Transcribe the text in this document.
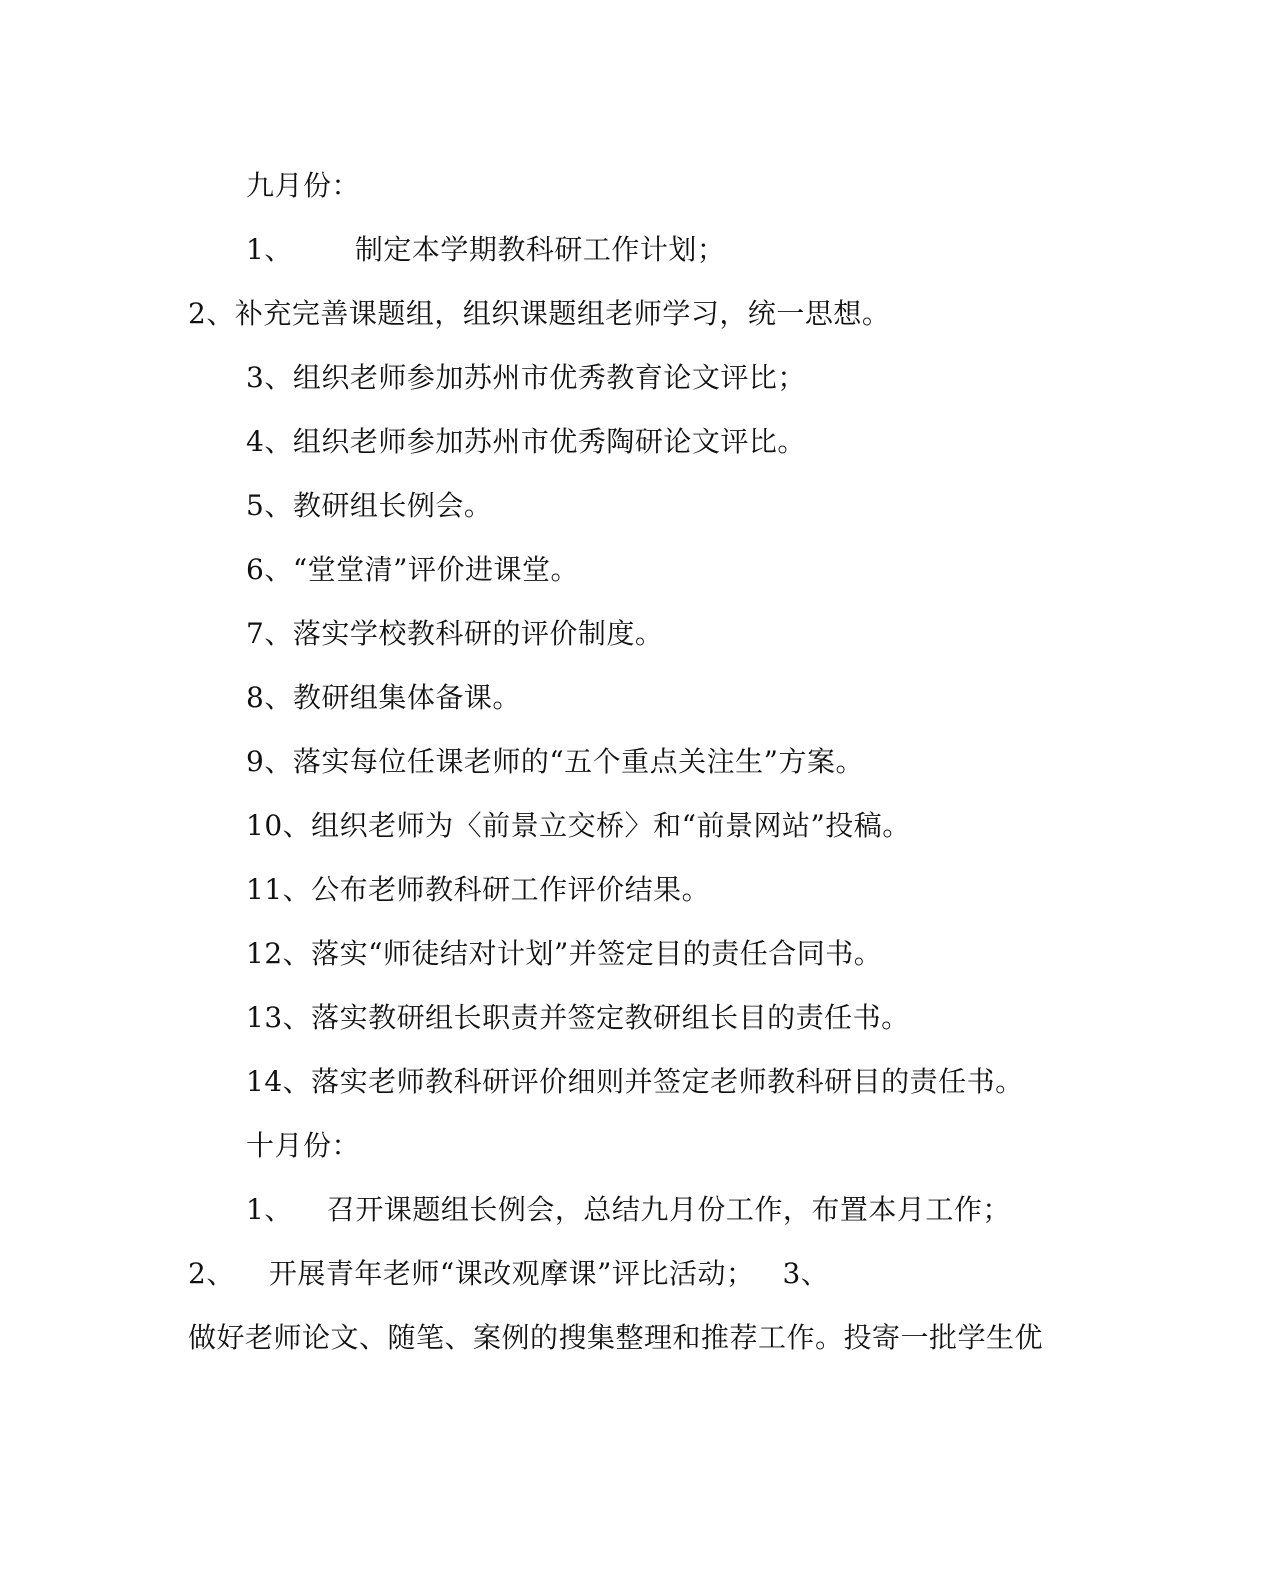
九月份：
1、 制定本学期教科研工作计划；
2、补充完善课题组，组织课题组老师学习，统一思想。
3、组织老师参加苏州市优秀教育论文评比；
4、组织老师参加苏州市优秀陶研论文评比。
5、教研组长例会。
6、“堂堂清”评价进课堂。
7、落实学校教科研的评价制度。
8、教研组集体备课。
9、落实每位任课老师的“五个重点关注生”方案。
10、组织老师为〈前景立交桥〉和“前景网站”投稿。
11、公布老师教科研工作评价结果。
12、落实“师徒结对计划”并签定目的责任合同书。
13、落实教研组长职责并签定教研组长目的责任书。
14、落实老师教科研评价细则并签定老师教科研目的责任书。
十月份：
1、 召开课题组长例会，总结九月份工作，布置本月工作；
2、 开展青年老师“课改观摩课”评比活动； 3、
做好老师论文、随笔、案例的搜集整理和推荐工作。投寄一批学生优
